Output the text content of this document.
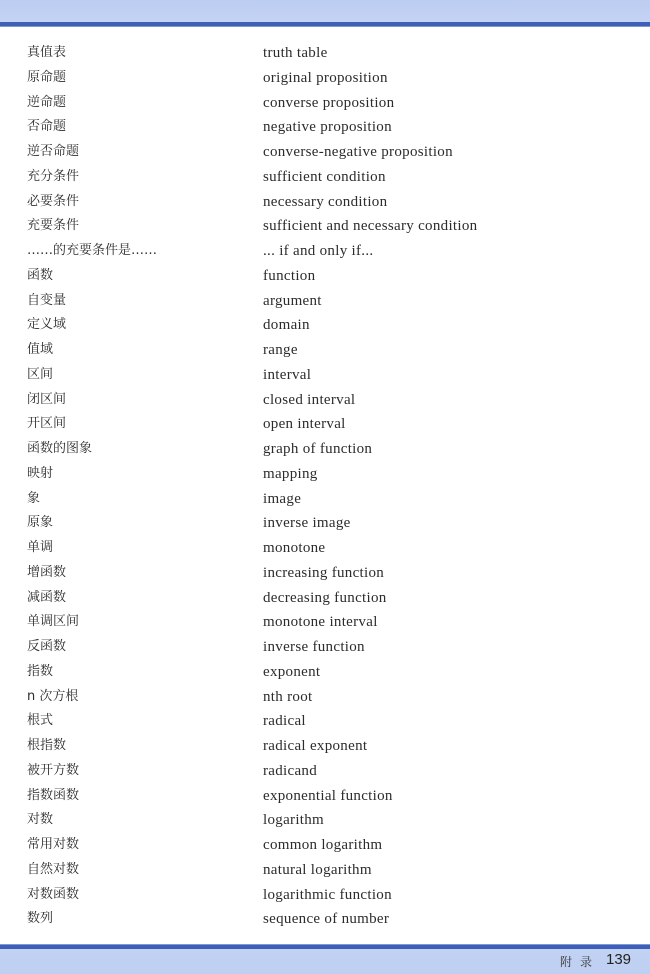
真值表	truth table
原命题	original proposition
逆命题	converse proposition
否命题	negative proposition
逆否命题	converse-negative proposition
充分条件	sufficient condition
必要条件	necessary condition
充要条件	sufficient and necessary condition
……的充要条件是……	... if and only if...
函数	function
自变量	argument
定义域	domain
值域	range
区间	interval
闭区间	closed interval
开区间	open interval
函数的图象	graph of function
映射	mapping
象	image
原象	inverse image
单调	monotone
增函数	increasing function
减函数	decreasing function
单调区间	monotone interval
反函数	inverse function
指数	exponent
n 次方根	nth root
根式	radical
根指数	radical exponent
被开方数	radicand
指数函数	exponential function
对数	logarithm
常用对数	common logarithm
自然对数	natural logarithm
对数函数	logarithmic function
数列	sequence of number
附录 139
